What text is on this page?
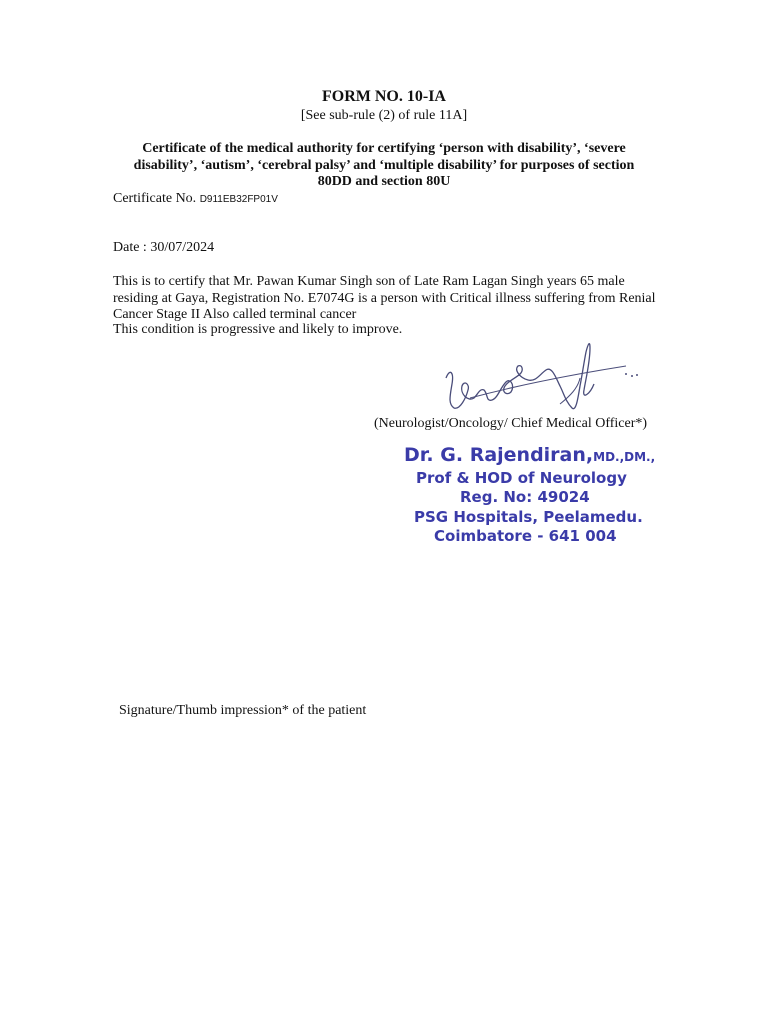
FORM NO. 10-IA
[See sub-rule (2) of rule 11A]
Certificate of the medical authority for certifying ‘person with disability’, ‘severe disability’, ‘autism’, ‘cerebral palsy’ and ‘multiple disability’ for purposes of section 80DD and section 80U
Certificate No. D911EB32FP01V
Date : 30/07/2024
This is to certify that Mr. Pawan Kumar Singh son of Late Ram Lagan Singh years 65 male residing at Gaya, Registration No. E7074G is a person with Critical illness suffering from Renial Cancer Stage II Also called terminal cancer
This condition is progressive and likely to improve.
(Neurologist/Oncology/ Chief Medical Officer*)
Dr. G. Rajendiran,MD.,DM.,
Prof & HOD of Neurology
Reg. No: 49024
PSG Hospitals, Peelamedu.
Coimbatore - 641 004
Signature/Thumb impression* of the patient
